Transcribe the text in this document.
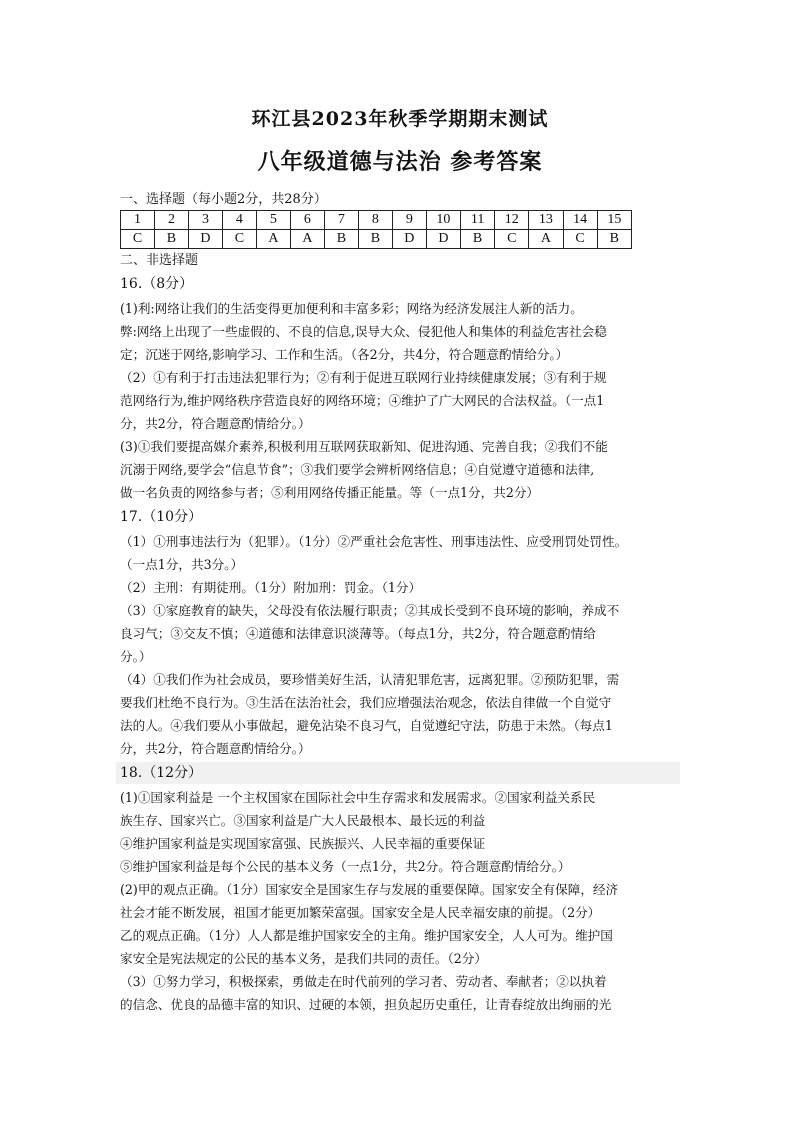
环江县2023年秋季学期期末测试
八年级道德与法治 参考答案
一、选择题（每小题2分，共28分）
1	2	3	4	5	6	7	8	9	10	11	12	13	14	15
C	B	D	C	A	A	B	B	D	D	B	C	A	C	B
二、非选择题
16.（8分）

(1)利:网络让我们的生活变得更加便利和丰富多彩；网络为经济发展注人新的活力。

弊:网络上出现了一些虚假的、不良的信息,误导大众、侵犯他人和集体的利益危害社会稳

定；沉迷于网络,影响学习、工作和生活。（各2分，共4分，符合题意酌情给分。）

（2）①有利于打击违法犯罪行为；②有利于促进互联网行业持续健康发展；③有利于规

范网络行为,维护网络秩序营造良好的网络环境；④维护了广大网民的合法权益。（一点1

分，共2分，符合题意酌情给分。）

(3)①我们要提高媒介素养,积极利用互联网获取新知、促进沟通、完善自我；②我们不能

沉溺于网络,要学会“信息节食”；③我们要学会辨析网络信息；④自觉遵守道德和法律,

做一名负责的网络参与者；⑤利用网络传播正能量。等（一点1分，共2分）

17.（10分）

（1）①刑事违法行为（犯罪）。（1分）②严重社会危害性、刑事违法性、应受刑罚处罚性。

（一点1分，共3分。）

（2）主刑：有期徒刑。（1分）附加刑：罚金。（1分）

（3）①家庭教育的缺失，父母没有依法履行职责；②其成长受到不良环境的影响，养成不

良习气；③交友不慎；④道德和法律意识淡薄等。（每点1分，共2分，符合题意酌情给

分。）

（4）①我们作为社会成员，要珍惜美好生活，认清犯罪危害，远离犯罪。②预防犯罪，需

要我们杜绝不良行为。③生活在法治社会，我们应增强法治观念，依法自律做一个自觉守

法的人。④我们要从小事做起，避免沾染不良习气，自觉遵纪守法，防患于未然。（每点1

分，共2分，符合题意酌情给分。）

18.（12分）

(1)①国家利益是 一个主权国家在国际社会中生存需求和发展需求。②国家利益关系民

族生存、国家兴亡。③国家利益是广大人民最根本、最长远的利益

④维护国家利益是实现国家富强、民族振兴、人民幸福的重要保证

⑤维护国家利益是每个公民的基本义务（一点1分，共2分。符合题意酌情给分。）

(2)甲的观点正确。（1分）国家安全是国家生存与发展的重要保障。国家安全有保障，经济

社会才能不断发展，祖国才能更加繁荣富强。国家安全是人民幸福安康的前提。（2分）

乙的观点正确。（1分）人人都是维护国家安全的主角。维护国家安全，人人可为。维护国

家安全是宪法规定的公民的基本义务，是我们共同的责任。（2分）

（3）①努力学习，积极探索，勇做走在时代前列的学习者、劳动者、奉献者；②以执着

的信念、优良的品德丰富的知识、过硬的本领，担负起历史重任，让青春绽放出绚丽的光
